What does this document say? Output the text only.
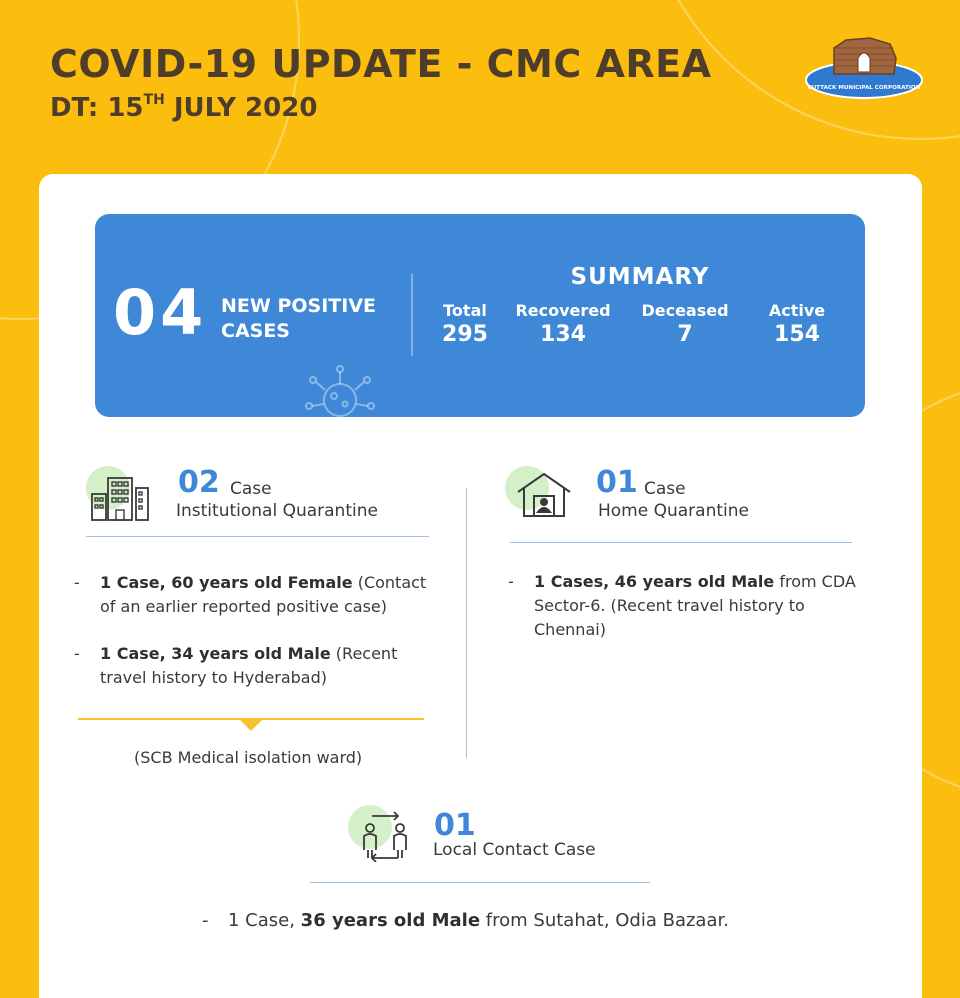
COVID-19 UPDATE - CMC AREA
DT: 15TH JULY 2020
CUTTACK MUNICIPAL CORPORATION
04 NEW POSITIVE CASES
SUMMARY
Total
295
Recovered
134
Deceased
7
Active
154
02 Case
Institutional Quarantine
- 1 Case, 60 years old Female (Contact of an earlier reported positive case)
- 1 Case, 34 years old Male (Recent travel history to Hyderabad)
(SCB Medical isolation ward)
01 Case
Home Quarantine
- 1 Cases, 46 years old Male from CDA Sector-6. (Recent travel history to Chennai)
01
Local Contact Case
- 1 Case, 36 years old Male from Sutahat, Odia Bazaar.
